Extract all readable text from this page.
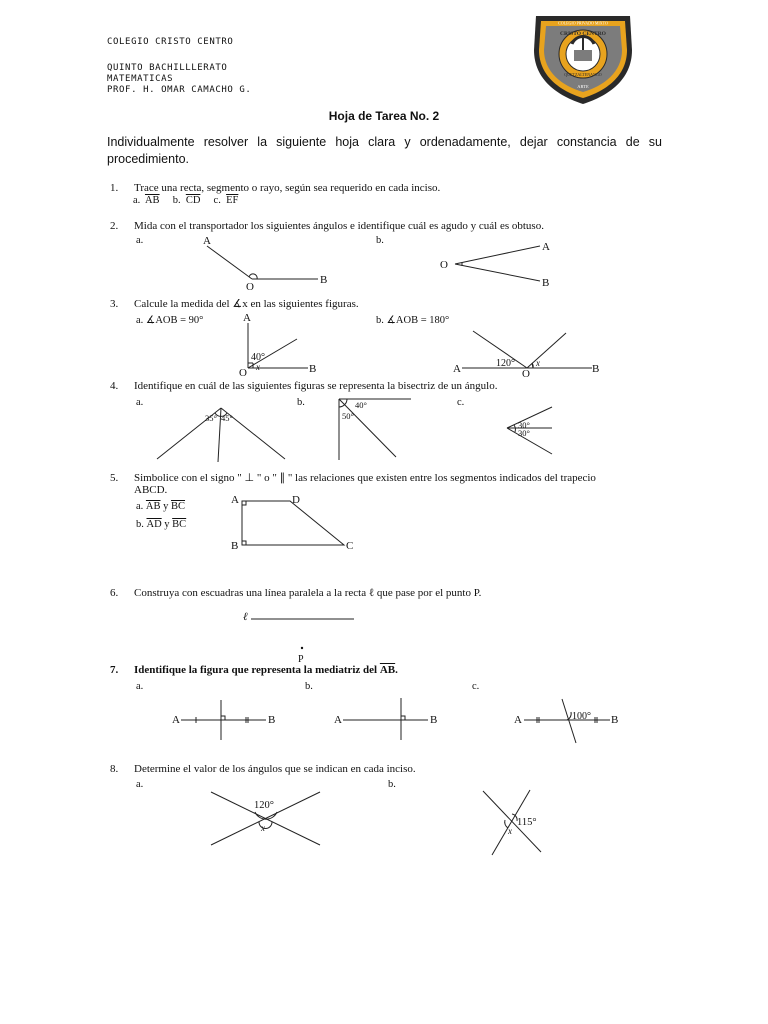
COLEGIO CRISTO CENTRO
QUINTO BACHILLLERATO
MATEMATICAS
PROF. H. OMAR CAMACHO G.
CRISTO CENTRO
COLEGIO PRIVADO MIXTO
QUETZALTENANGO
ARTE
Hoja de Tarea No. 2
Individualmente resolver la siguiente hoja clara y ordenadamente, dejar constancia de su procedimiento.
1. Trace una recta, segmento o rayo, según sea requerido en cada inciso.
a. $\overline{AB}$ b. $\overline{CD}$ c. $\overline{EF}$
2. Mida con el transportador los siguientes ángulos e identifique cuál es agudo y cuál es obtuso.
a.	b.
3. Calcule la medida del ∡x en las siguientes figuras.
a. ∡AOB = 90°	b. ∡AOB = 180°
4. Identifique en cuál de las siguientes figuras se representa la bisectriz de un ángulo.
a.	b.	c.
5. Simbolice con el signo " ⊥ " o " ∥ " las relaciones que existen entre los segmentos indicados del trapecio
ABCD.
a. $\overline{AB}$ y $\overline{BC}$
b. $\overline{AD}$ y $\overline{BC}$
6. Construya con escuadras una línea paralela a la recta ℓ que pase por el punto P.
7. Identifique la figura que representa la mediatriz del $\overline{AB}$.
a.	b.	c.
8. Determine el valor de los ángulos que se indican en cada inciso.
a.	b.
A
O
B
A
O
B
A
O	B
40°
x	A	O	B
120° x
35° 45°
40°
50°
30°
30°
A	D
B	C
ℓ
P
A	B	A	B	A	B
100°
120°
x	115°
x
